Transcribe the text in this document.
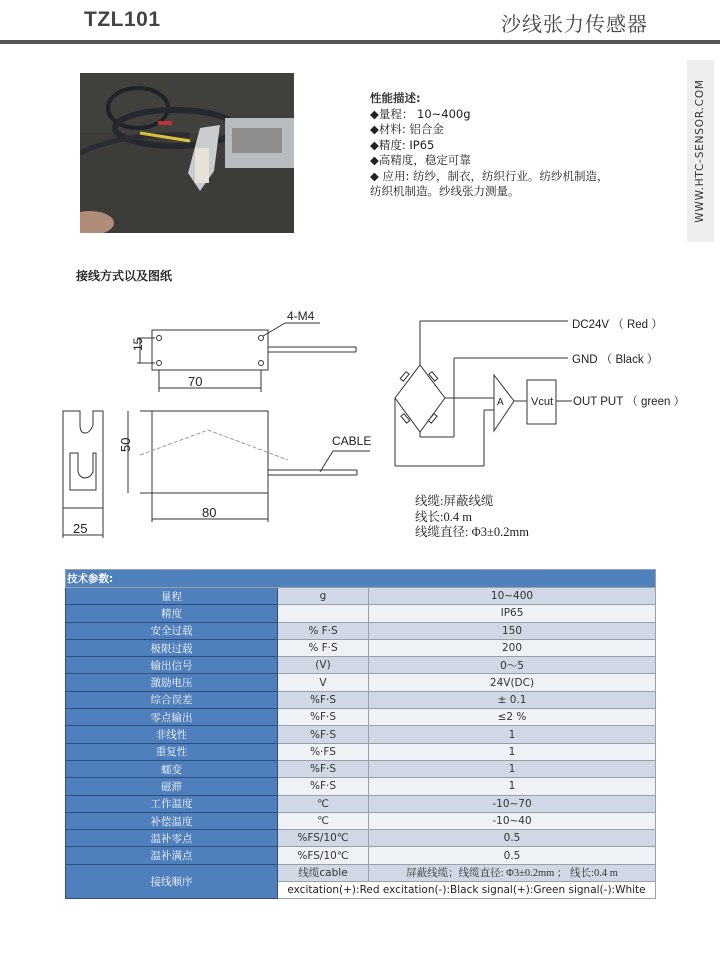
TZL101	沙线张力传感器
WWW.HTC-SENSOR.COM
性能描述:
◆量程： 10~400g
◆材料: 铝合金
◆精度: IP65
◆高精度，稳定可靠
◆ 应用: 纺纱，制衣，纺织行业。纺纱机制造，
纺织机制造。纱线张力测量。
接线方式以及图纸
4-M4
15
70
50
80
25
CABLE
DC24V （ Red ）
GND （ Black ）
OUT PUT （ green ）
A Vcut
线缆:屏蔽线缆
线长:0.4 m
线缆直径: Φ3±0.2mm
技术参数:		
量程	g	10~400
精度		IP65
安全过载	% F·S	150
极限过载	% F·S	200
输出信号	(V)	0～5
激励电压	V	24V(DC)
综合误差	%F·S	± 0.1
零点输出	%F·S	≤2 %
非线性	%F·S	1
重复性	%·FS	1
蠕变	%F·S	1
磁滞	%F·S	1
工作温度	℃	-10~70
补偿温度	℃	-10~40
温补零点	%FS/10℃	0.5
温补满点	%FS/10℃	0.5
接线顺序	线缆cable	屏蔽线缆；线缆直径: Φ3±0.2mm ； 线长:0.4 m
	excitation(+):Red excitation(-):Black signal(+):Green signal(-):White	
